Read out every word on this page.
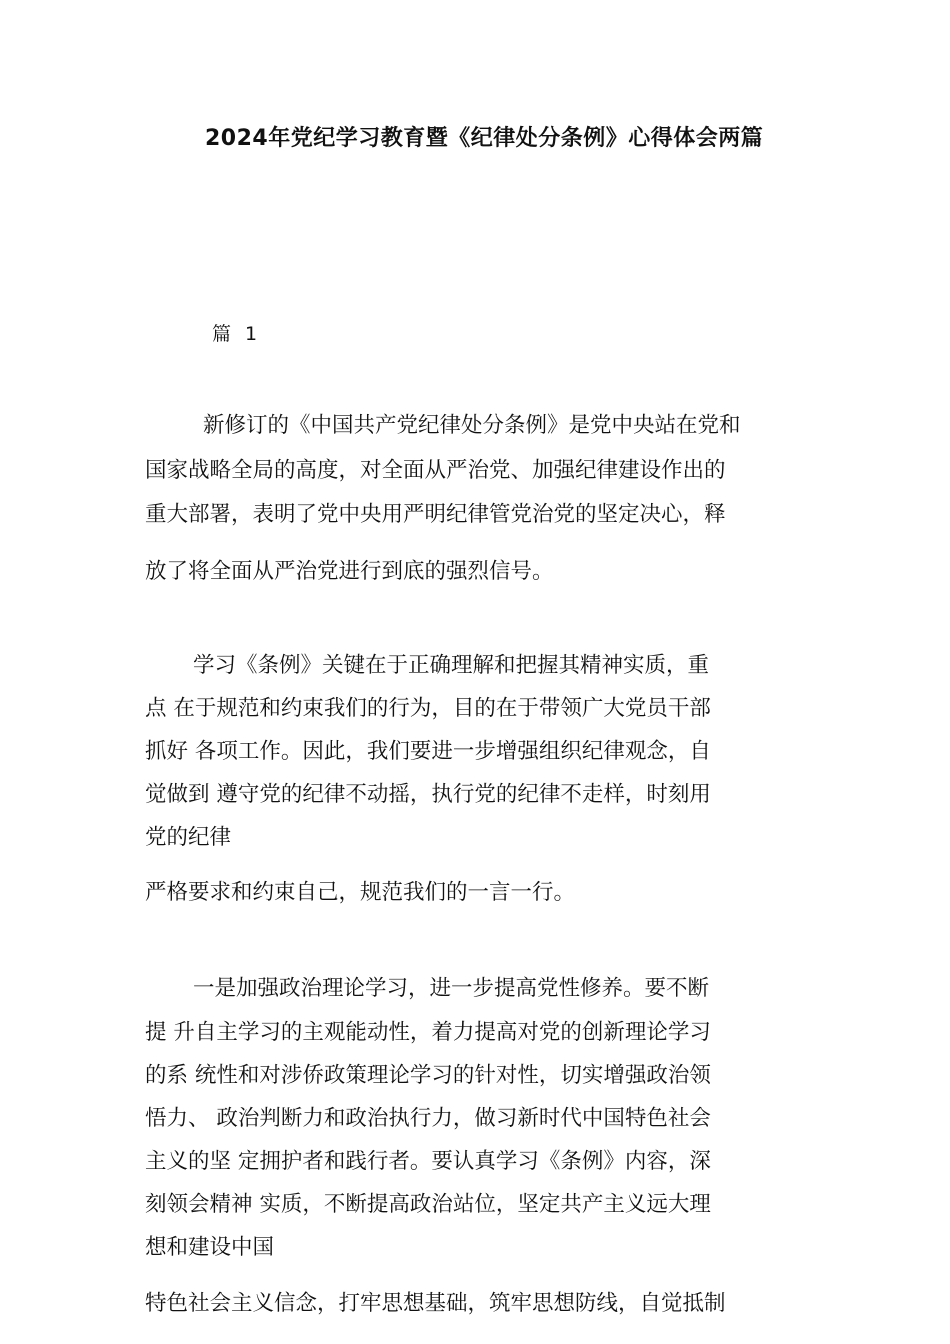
2024年党纪学习教育暨《纪律处分条例》心得体会两篇
篇 1
新修订的《中国共产党纪律处分条例》是党中央站在党和
国家战略全局的高度，对全面从严治党、加强纪律建设作出的
重大部署，表明了党中央用严明纪律管党治党的坚定决心，释
放了将全面从严治党进行到底的强烈信号。
学习《条例》关键在于正确理解和把握其精神实质，重
点 在于规范和约束我们的行为，目的在于带领广大党员干部
抓好 各项工作。因此，我们要进一步增强组织纪律观念，自
觉做到 遵守党的纪律不动摇，执行党的纪律不走样，时刻用
党的纪律
严格要求和约束自己，规范我们的一言一行。
一是加强政治理论学习，进一步提高党性修养。要不断
提 升自主学习的主观能动性，着力提高对党的创新理论学习
的系 统性和对涉侨政策理论学习的针对性，切实增强政治领
悟力、 政治判断力和政治执行力，做习新时代中国特色社会
主义的坚 定拥护者和践行者。要认真学习《条例》内容，深
刻领会精神 实质，不断提高政治站位，坚定共产主义远大理
想和建设中国
特色社会主义信念，打牢思想基础，筑牢思想防线，自觉抵制
